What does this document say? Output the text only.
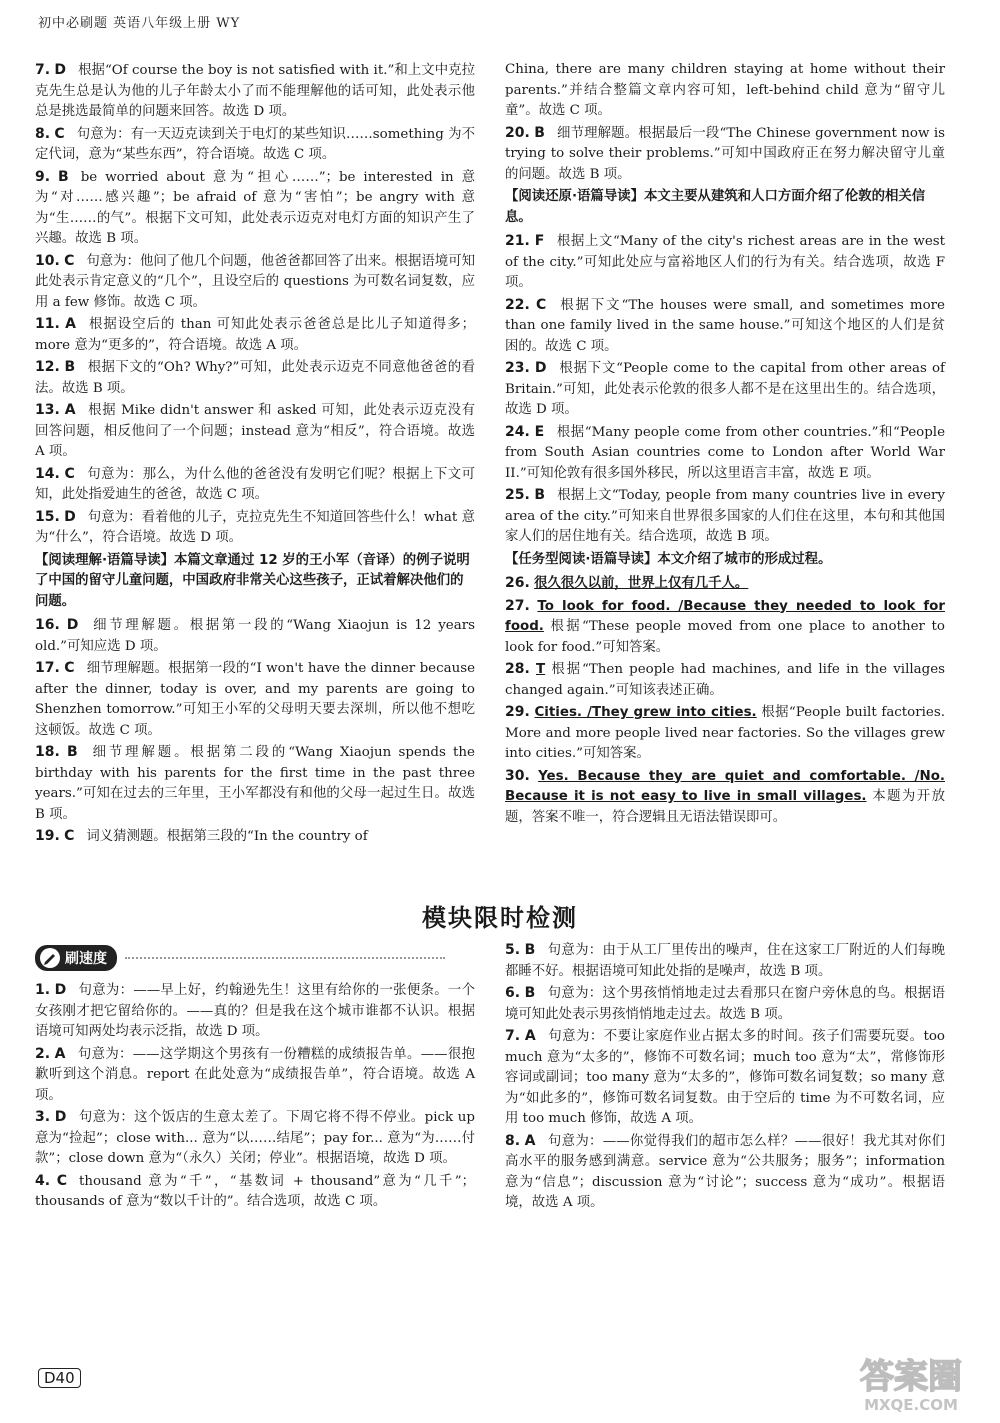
初中必刷题 英语八年级上册 WY
7. D 根据“Of course the boy is not satisfied with it.”和上文中克拉克先生总是认为他的儿子年龄太小了而不能理解他的话可知，此处表示他总是挑选最简单的问题来回答。故选 D 项。
8. C 句意为：有一天迈克读到关于电灯的某些知识……something 为不定代词，意为“某些东西”，符合语境。故选 C 项。
9. B be worried about 意为“担心……”；be interested in 意为“对……感兴趣”；be afraid of 意为“害怕”；be angry with 意为“生……的气”。根据下文可知，此处表示迈克对电灯方面的知识产生了兴趣。故选 B 项。
10. C 句意为：他问了他几个问题，他爸爸都回答了出来。根据语境可知此处表示肯定意义的“几个”，且设空后的 questions 为可数名词复数，应用 a few 修饰。故选 C 项。
11. A 根据设空后的 than 可知此处表示爸爸总是比儿子知道得多；more 意为“更多的”，符合语境。故选 A 项。
12. B 根据下文的“Oh? Why?”可知，此处表示迈克不同意他爸爸的看法。故选 B 项。
13. A 根据 Mike didn't answer 和 asked 可知，此处表示迈克没有回答问题，相反他问了一个问题；instead 意为“相反”，符合语境。故选 A 项。
14. C 句意为：那么，为什么他的爸爸没有发明它们呢？根据上下文可知，此处指爱迪生的爸爸，故选 C 项。
15. D 句意为：看着他的儿子，克拉克先生不知道回答些什么！what 意为“什么”，符合语境。故选 D 项。
【阅读理解·语篇导读】本篇文章通过 12 岁的王小军（音译）的例子说明了中国的留守儿童问题，中国政府非常关心这些孩子，正试着解决他们的问题。
16. D 细节理解题。根据第一段的“Wang Xiaojun is 12 years old.”可知应选 D 项。
17. C 细节理解题。根据第一段的“I won't have the dinner because after the dinner, today is over, and my parents are going to Shenzhen tomorrow.”可知王小军的父母明天要去深圳，所以他不想吃这顿饭。故选 C 项。
18. B 细节理解题。根据第二段的“Wang Xiaojun spends the birthday with his parents for the first time in the past three years.”可知在过去的三年里，王小军都没有和他的父母一起过生日。故选 B 项。
19. C 词义猜测题。根据第三段的“In the country of
China, there are many children staying at home without their parents.”并结合整篇文章内容可知，left-behind child 意为“留守儿童”。故选 C 项。
20. B 细节理解题。根据最后一段“The Chinese government now is trying to solve their problems.”可知中国政府正在努力解决留守儿童的问题。故选 B 项。
【阅读还原·语篇导读】本文主要从建筑和人口方面介绍了伦敦的相关信息。
21. F 根据上文“Many of the city's richest areas are in the west of the city.”可知此处应与富裕地区人们的行为有关。结合选项，故选 F 项。
22. C 根据下文“The houses were small, and sometimes more than one family lived in the same house.”可知这个地区的人们是贫困的。故选 C 项。
23. D 根据下文“People come to the capital from other areas of Britain.”可知，此处表示伦敦的很多人都不是在这里出生的。结合选项，故选 D 项。
24. E 根据“Many people come from other countries.”和“People from South Asian countries come to London after World War II.”可知伦敦有很多国外移民，所以这里语言丰富，故选 E 项。
25. B 根据上文“Today, people from many countries live in every area of the city.”可知来自世界很多国家的人们住在这里，本句和其他国家人们的居住地有关。结合选项，故选 B 项。
【任务型阅读·语篇导读】本文介绍了城市的形成过程。
26. 很久很久以前，世界上仅有几千人。
27. To look for food. /Because they needed to look for food. 根据“These people moved from one place to another to look for food.”可知答案。
28. T 根据“Then people had machines, and life in the villages changed again.”可知该表述正确。
29. Cities. /They grew into cities. 根据“People built factories. More and more people lived near factories. So the villages grew into cities.”可知答案。
30. Yes. Because they are quiet and comfortable. /No. Because it is not easy to live in small villages. 本题为开放题，答案不唯一，符合逻辑且无语法错误即可。
模块限时检测
刷速度
1. D 句意为：——早上好，约翰逊先生！这里有给你的一张便条。一个女孩刚才把它留给你的。——真的？但是我在这个城市谁都不认识。根据语境可知两处均表示泛指，故选 D 项。
2. A 句意为：——这学期这个男孩有一份糟糕的成绩报告单。——很抱歉听到这个消息。report 在此处意为“成绩报告单”，符合语境。故选 A 项。
3. D 句意为：这个饭店的生意太差了。下周它将不得不停业。pick up 意为“捡起”；close with... 意为“以……结尾”；pay for... 意为“为……付款”；close down 意为“（永久）关闭；停业”。根据语境，故选 D 项。
4. C thousand 意为“千”，“基数词 + thousand”意为“几千”；thousands of 意为“数以千计的”。结合选项，故选 C 项。
5. B 句意为：由于从工厂里传出的噪声，住在这家工厂附近的人们每晚都睡不好。根据语境可知此处指的是噪声，故选 B 项。
6. B 句意为：这个男孩悄悄地走过去看那只在窗户旁休息的鸟。根据语境可知此处表示男孩悄悄地走过去。故选 B 项。
7. A 句意为：不要让家庭作业占据太多的时间。孩子们需要玩耍。too much 意为“太多的”，修饰不可数名词；much too 意为“太”，常修饰形容词或副词；too many 意为“太多的”，修饰可数名词复数；so many 意为“如此多的”，修饰可数名词复数。由于空后的 time 为不可数名词，应用 too much 修饰，故选 A 项。
8. A 句意为：——你觉得我们的超市怎么样？——很好！我尤其对你们高水平的服务感到满意。service 意为“公共服务；服务”；information 意为“信息”；discussion 意为“讨论”；success 意为“成功”。根据语境，故选 A 项。
D40	答案圈
MXQE.COM
